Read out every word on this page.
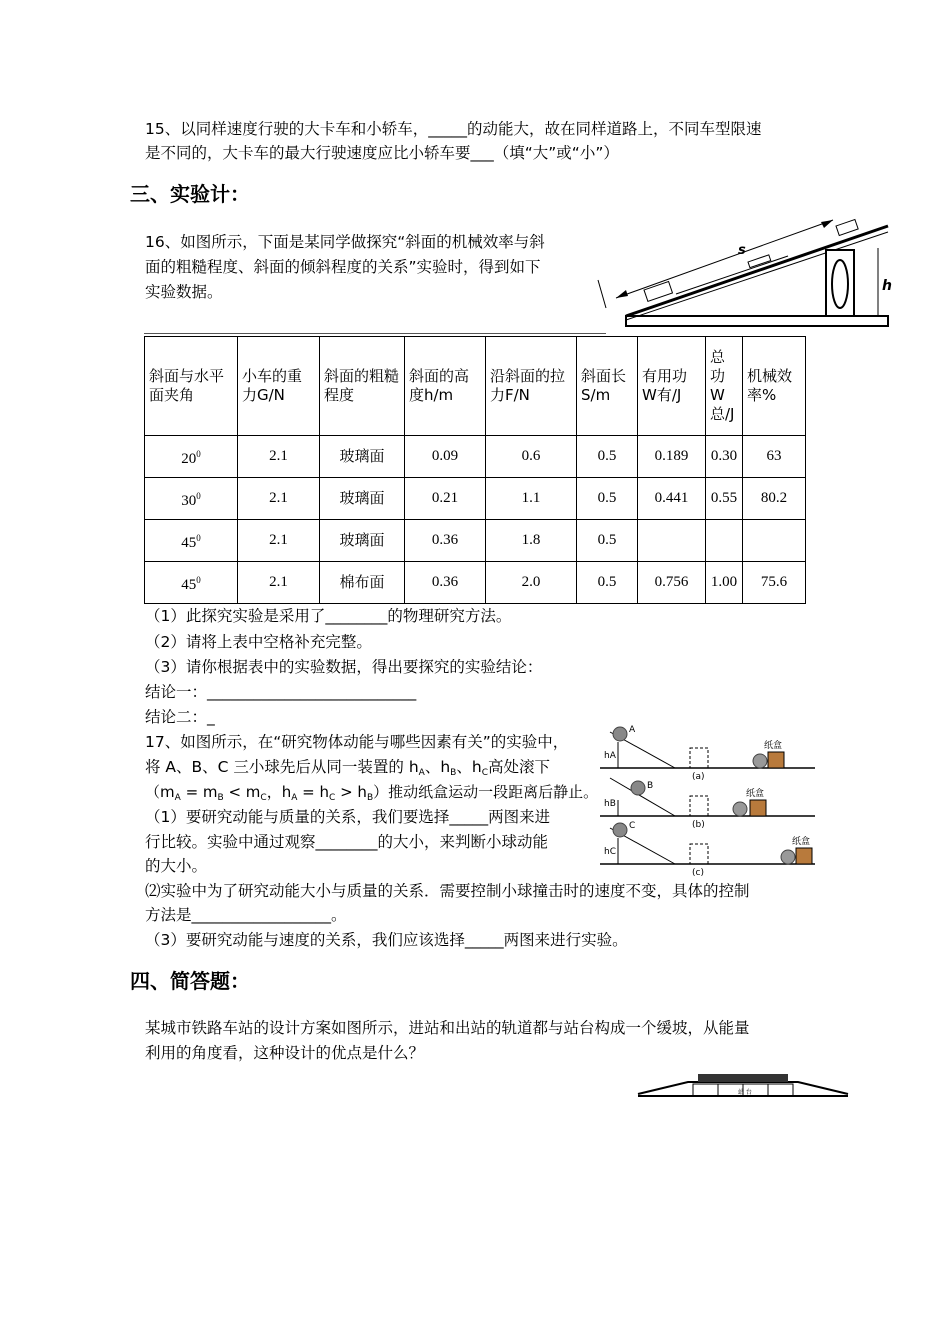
15、以同样速度行驶的大卡车和小轿车，_____的动能大，故在同样道路上，不同车型限速
是不同的，大卡车的最大行驶速度应比小轿车要___（填“大”或“小”）
三、实验计：
16、如图所示，下面是某同学做探究“斜面的机械效率与斜
面的粗糙程度、斜面的倾斜程度的关系”实验时，得到如下
实验数据。	h
s
斜面与水平面夹角	小车的重力G/N	斜面的粗糙程度	斜面的高度h/m	沿斜面的拉力F/N	斜面长S/m	有用功W有/J	总功W总/J	机械效率%
$20^0$	2.1	玻璃面	0.09	0.6	0.5	0.189	0.30	63
$30^0$	2.1	玻璃面	0.21	1.1	0.5	0.441	0.55	80.2
$45^0$	2.1	玻璃面	0.36	1.8	0.5			
$45^0$	2.1	棉布面	0.36	2.0	0.5	0.756	1.00	75.6
（1）此探究实验是采用了________的物理研究方法。
（2）请将上表中空格补充完整。
（3）请你根据表中的实验数据，得出要探究的实验结论：
结论一：___________________________
结论二：_
17、如图所示，在“研究物体动能与哪些因素有关”的实验中，
将 A、B、C 三小球先后从同一装置的 $h_A$、$h_B$、$h_C$高处滚下
（$m_A = m_B < m_C$，$h_A = h_C > h_B$）推动纸盒运动一段距离后静止。
（1）要研究动能与质量的关系，我们要选择_____两图来进
行比较。实验中通过观察________的大小，来判断小球动能
的大小。
⑵实验中为了研究动能大小与质量的关系．需要控制小球撞击时的速度不变，具体的控制
方法是__________________。
（3）要研究动能与速度的关系，我们应该选择_____两图来进行实验。
A
hA
纸盒
(a)
B
hB
纸盒
(b)
C
hC
纸盒
(c)
四、简答题：
某城市铁路车站的设计方案如图所示，进站和出站的轨道都与站台构成一个缓坡，从能量
利用的角度看，这种设计的优点是什么？
站 台
